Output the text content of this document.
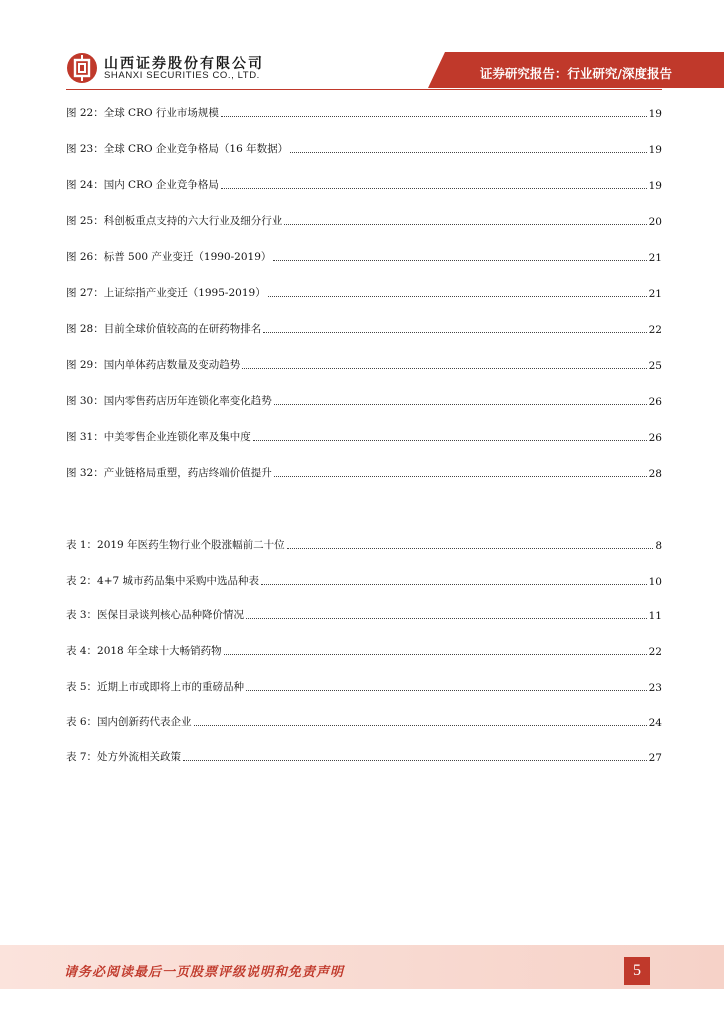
山西证券股份有限公司
SHANXI SECURITIES CO., LTD.	证券研究报告：行业研究/深度报告
图 22：全球 CRO 行业市场规模	19
图 23：全球 CRO 企业竞争格局（16 年数据）	19
图 24：国内 CRO 企业竞争格局	19
图 25：科创板重点支持的六大行业及细分行业	20
图 26：标普 500 产业变迁（1990-2019）	21
图 27：上证综指产业变迁（1995-2019）	21
图 28：目前全球价值较高的在研药物排名	22
图 29：国内单体药店数量及变动趋势	25
图 30：国内零售药店历年连锁化率变化趋势	26
图 31：中美零售企业连锁化率及集中度	26
图 32：产业链格局重塑，药店终端价值提升	28
表 1：2019 年医药生物行业个股涨幅前二十位	8
表 2：4+7 城市药品集中采购中选品种表	10
表 3：医保目录谈判核心品种降价情况	11
表 4：2018 年全球十大畅销药物	22
表 5：近期上市或即将上市的重磅品种	23
表 6：国内创新药代表企业	24
表 7：处方外流相关政策	27
请务必阅读最后一页股票评级说明和免责声明	5
